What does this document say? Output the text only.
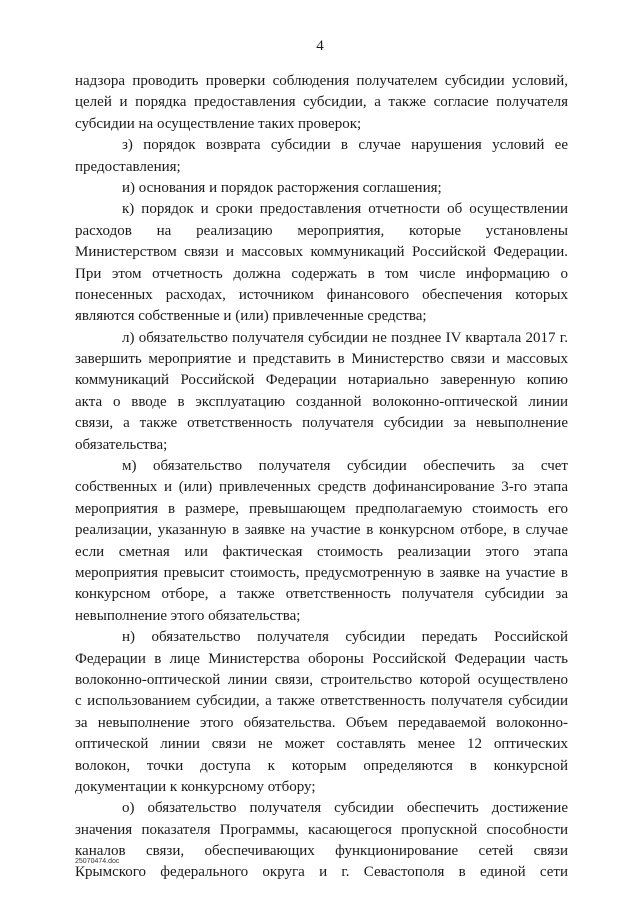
4
надзора проводить проверки соблюдения получателем субсидии условий,
целей и порядка предоставления субсидии, а также согласие получателя
субсидии на осуществление таких проверок;
з) порядок возврата субсидии в случае нарушения условий ее
предоставления;
и) основания и порядок расторжения соглашения;
к) порядок и сроки предоставления отчетности об осуществлении
расходов на реализацию мероприятия, которые установлены
Министерством связи и массовых коммуникаций Российской Федерации.
При этом отчетность должна содержать в том числе информацию о
понесенных расходах, источником финансового обеспечения которых
являются собственные и (или) привлеченные средства;
л) обязательство получателя субсидии не позднее IV квартала 2017 г.
завершить мероприятие и представить в Министерство связи и массовых
коммуникаций Российской Федерации нотариально заверенную копию
акта о вводе в эксплуатацию созданной волоконно-оптической линии
связи, а также ответственность получателя субсидии за невыполнение
обязательства;
м) обязательство получателя субсидии обеспечить за счет
собственных и (или) привлеченных средств дофинансирование 3-го этапа
мероприятия в размере, превышающем предполагаемую стоимость его
реализации, указанную в заявке на участие в конкурсном отборе, в случае
если сметная или фактическая стоимость реализации этого этапа
мероприятия превысит стоимость, предусмотренную в заявке на участие в
конкурсном отборе, а также ответственность получателя субсидии за
невыполнение этого обязательства;
н) обязательство получателя субсидии передать Российской
Федерации в лице Министерства обороны Российской Федерации часть
волоконно-оптической линии связи, строительство которой осуществлено
с использованием субсидии, а также ответственность получателя субсидии
за невыполнение этого обязательства. Объем передаваемой волоконно-
оптической линии связи не может составлять менее 12 оптических
волокон, точки доступа к которым определяются в конкурсной
документации к конкурсному отбору;
о) обязательство получателя субсидии обеспечить достижение
значения показателя Программы, касающегося пропускной способности
каналов связи, обеспечивающих функционирование сетей связи
Крымского федерального округа и г. Севастополя в единой сети
25070474.doc
